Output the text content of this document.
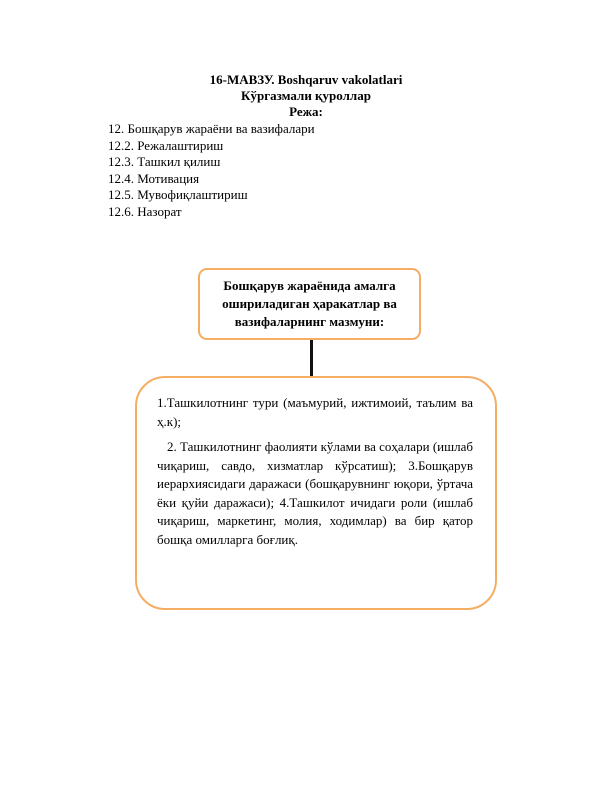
16-МАВЗУ. Boshqaruv vakolatlari
Кўргазмали қуроллар
Режа:
12. Бошқарув жараёни ва вазифалари
12.2. Режалаштириш
12.3. Ташкил қилиш
12.4. Мотивация
12.5. Мувофиқлаштириш
12.6. Назорат
Бошқарув жараёнида амалга ошириладиган ҳаракатлар ва вазифаларнинг мазмуни:

1.Ташкилотнинг тури (маъмурий, ижтимоий, таълим ва ҳ.к);

2. Ташкилотнинг фаолияти кўлами ва соҳалари (ишлаб чиқариш, савдо, хизматлар кўрсатиш); 3.Бошқарув иерархиясидаги даражаси (бошқарувнинг юқори, ўртача ёки қуйи даражаси); 4.Ташкилот ичидаги роли (ишлаб чиқариш, маркетинг, молия, ходимлар) ва бир қатор бошқа омилларга боғлиқ.
